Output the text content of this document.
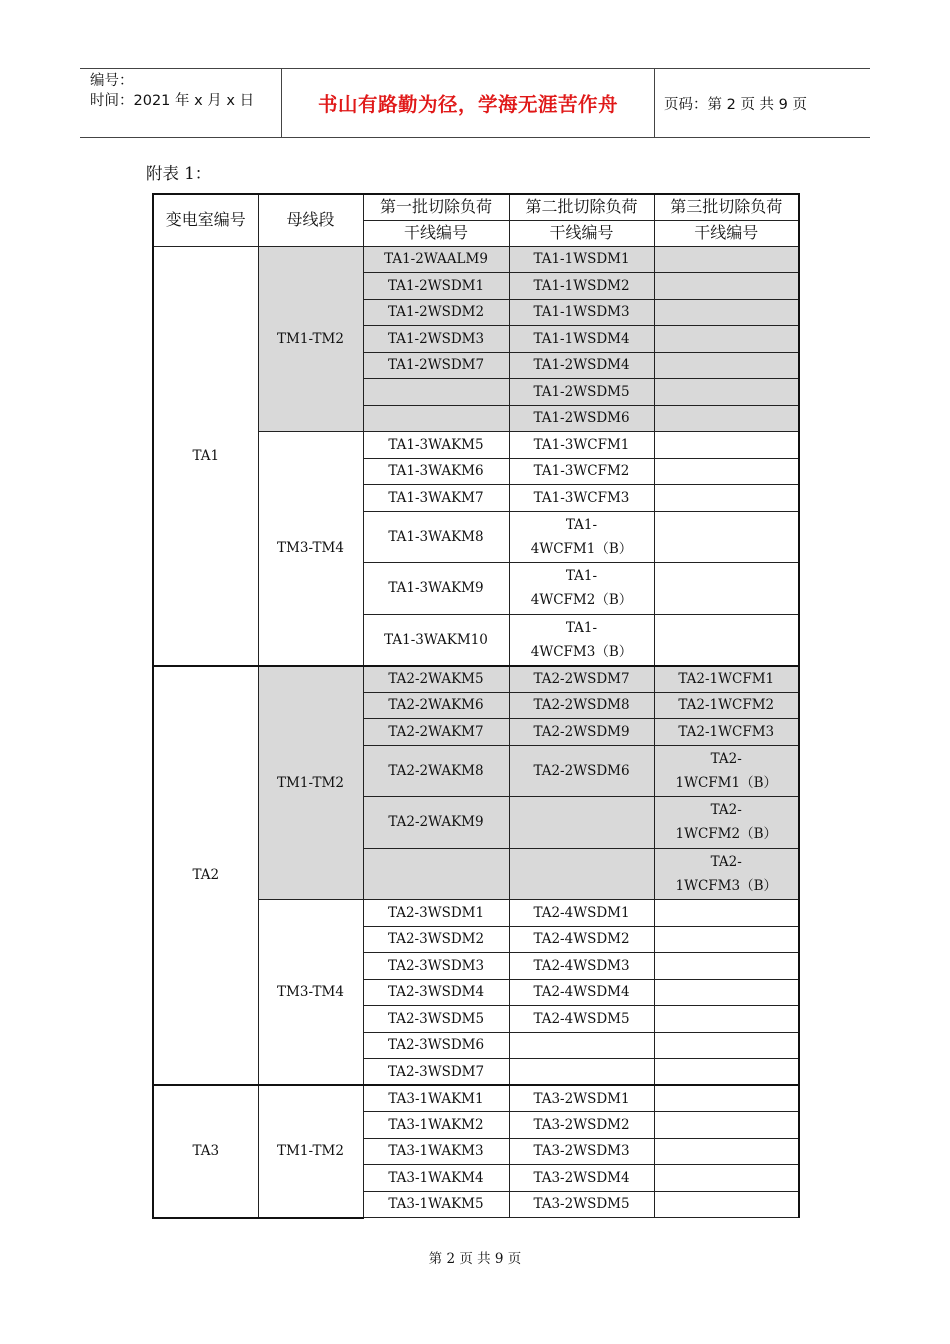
编号：
时间：2021 年 x 月 x 日	书山有路勤为径，学海无涯苦作舟	页码：第 2 页 共 9 页
附表 1：
变电室编号	母线段	第一批切除负荷	第二批切除负荷	第三批切除负荷
		干线编号	干线编号	干线编号
TA1	TM1-TM2	TA1-2WAALM9	TA1-1WSDM1	
		TA1-2WSDM1	TA1-1WSDM2	
		TA1-2WSDM2	TA1-1WSDM3	
		TA1-2WSDM3	TA1-1WSDM4	
		TA1-2WSDM7	TA1-2WSDM4	
			TA1-2WSDM5	
			TA1-2WSDM6	
	TM3-TM4	TA1-3WAKM5	TA1-3WCFM1	
		TA1-3WAKM6	TA1-3WCFM2	
		TA1-3WAKM7	TA1-3WCFM3	
		TA1-3WAKM8	TA1-
4WCFM1（B）	
		TA1-3WAKM9	TA1-
4WCFM2（B）	
		TA1-3WAKM10	TA1-
4WCFM3（B）	
TA2	TM1-TM2	TA2-2WAKM5	TA2-2WSDM7	TA2-1WCFM1
		TA2-2WAKM6	TA2-2WSDM8	TA2-1WCFM2
		TA2-2WAKM7	TA2-2WSDM9	TA2-1WCFM3
		TA2-2WAKM8	TA2-2WSDM6	TA2-
1WCFM1（B）
		TA2-2WAKM9		TA2-
1WCFM2（B）
				TA2-
1WCFM3（B）
	TM3-TM4	TA2-3WSDM1	TA2-4WSDM1	
		TA2-3WSDM2	TA2-4WSDM2	
		TA2-3WSDM3	TA2-4WSDM3	
		TA2-3WSDM4	TA2-4WSDM4	
		TA2-3WSDM5	TA2-4WSDM5	
		TA2-3WSDM6		
		TA2-3WSDM7		
TA3	TM1-TM2	TA3-1WAKM1	TA3-2WSDM1	
		TA3-1WAKM2	TA3-2WSDM2	
		TA3-1WAKM3	TA3-2WSDM3	
		TA3-1WAKM4	TA3-2WSDM4	
		TA3-1WAKM5	TA3-2WSDM5	
第 2 页 共 9 页
